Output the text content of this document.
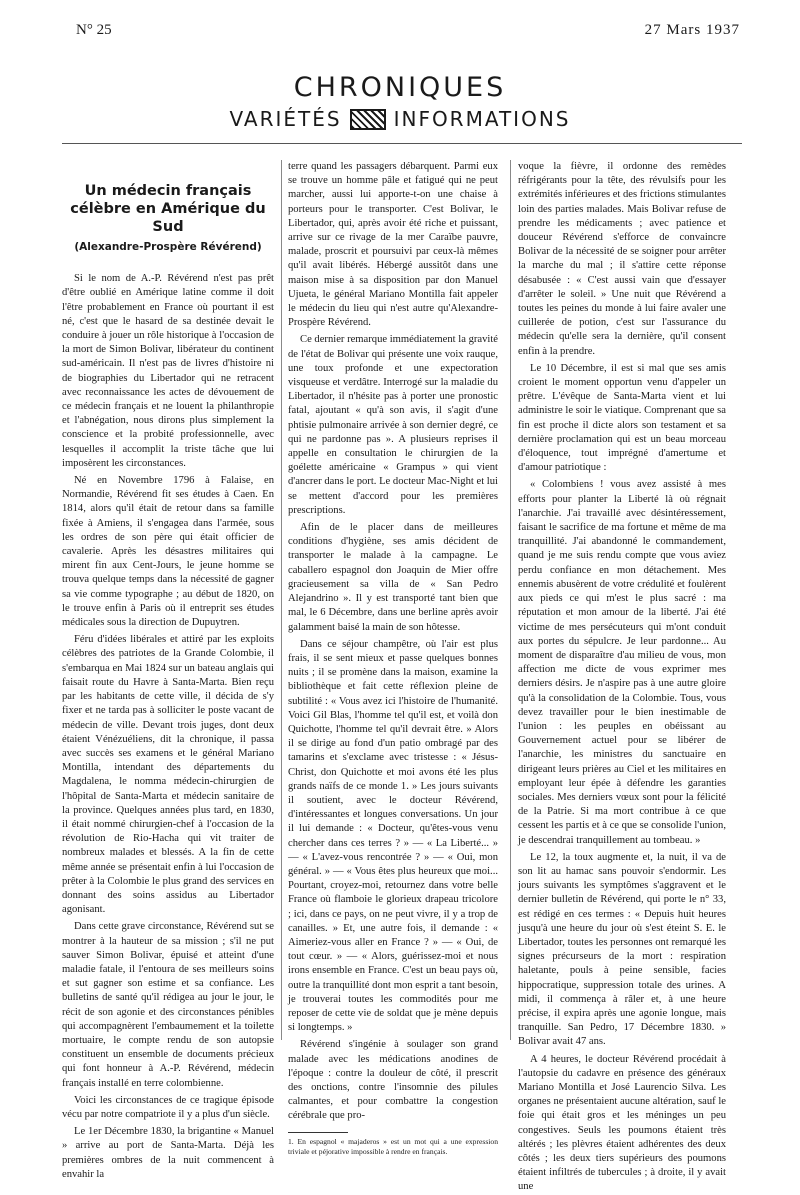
N° 25	27 Mars 1937
CHRONIQUES
VARIÉTÉS	INFORMATIONS
Un médecin français célèbre en Amérique du Sud
(Alexandre-Prospère Révérend)

Si le nom de A.-P. Révérend n'est pas prêt d'être oublié en Amérique latine comme il doit l'être probablement en France où pourtant il est né, c'est que le hasard de sa destinée devait le conduire à jouer un rôle historique à l'occasion de la mort de Simon Bolivar, libérateur du continent sud-américain. Il n'est pas de livres d'histoire ni de biographies du Libertador qui ne retracent avec reconnaissance les actes de dévouement de ce médecin français et ne louent la philanthropie et l'abnégation, nous dirons plus simplement la conscience et la probité professionnelle, avec lesquelles il accomplit la triste tâche que lui imposèrent les circonstances.

Né en Novembre 1796 à Falaise, en Normandie, Révérend fit ses études à Caen. En 1814, alors qu'il était de retour dans sa famille fixée à Amiens, il s'engagea dans l'armée, sous les ordres de son père qui était officier de cavalerie. Après les désastres militaires qui mirent fin aux Cent-Jours, le jeune homme se trouva quelque temps dans la nécessité de gagner sa vie comme typographe ; au début de 1820, on le trouve enfin à Paris où il entreprit ses études médicales sous la direction de Dupuytren.

Féru d'idées libérales et attiré par les exploits célèbres des patriotes de la Grande Colombie, il s'embarqua en Mai 1824 sur un bateau anglais qui faisait route du Havre à Santa-Marta. Bien reçu par les habitants de cette ville, il décida de s'y fixer et ne tarda pas à solliciter le poste vacant de médecin de ville. Devant trois juges, dont deux étaient Vénézuéliens, dit la chronique, il passa avec succès ses examens et le général Mariano Montilla, intendant des départements du Magdalena, le nomma médecin-chirurgien de l'hôpital de Santa-Marta et médecin sanitaire de la province. Quelques années plus tard, en 1830, il était nommé chirurgien-chef à l'occasion de la révolution de Rio-Hacha qui vit traiter de nombreux malades et blessés. A la fin de cette même année se présentait enfin à lui l'occasion de prêter à la Colombie le plus grand des services en donnant des soins assidus au Libertador agonisant.

Dans cette grave circonstance, Révérend sut se montrer à la hauteur de sa mission ; s'il ne put sauver Simon Bolivar, épuisé et atteint d'une maladie fatale, il l'entoura de ses meilleurs soins et sut gagner son estime et sa confiance. Les bulletins de santé qu'il rédigea au jour le jour, le récit de son agonie et des circonstances pénibles qui accompagnèrent l'embaumement et la toilette mortuaire, le compte rendu de son autopsie constituent un ensemble de documents précieux qui font honneur à A.-P. Révérend, médecin français installé en terre colombienne.

Voici les circonstances de ce tragique épisode vécu par notre compatriote il y a plus d'un siècle.

Le 1er Décembre 1830, la brigantine « Manuel » arrive au port de Santa-Marta. Déjà les premières ombres de la nuit commencent à envahir la

terre quand les passagers débarquent. Parmi eux se trouve un homme pâle et fatigué qui ne peut marcher, aussi lui apporte-t-on une chaise à porteurs pour le transporter. C'est Bolivar, le Libertador, qui, après avoir été riche et puissant, arrive sur ce rivage de la mer Caraïbe pauvre, malade, proscrit et poursuivi par ceux-là mêmes qu'il avait libérés. Hébergé aussitôt dans une maison mise à sa disposition par don Manuel Ujueta, le général Mariano Montilla fait appeler le médecin du lieu qui n'est autre qu'Alexandre-Prospère Révérend.

Ce dernier remarque immédiatement la gravité de l'état de Bolivar qui présente une voix rauque, une toux profonde et une expectoration visqueuse et verdâtre. Interrogé sur la maladie du Libertador, il n'hésite pas à porter une pronostic fatal, ajoutant « qu'à son avis, il s'agit d'une phtisie pulmonaire arrivée à son dernier degré, ce qui ne pardonne pas ». A plusieurs reprises il appelle en consultation le chirurgien de la goélette américaine « Grampus » qui vient d'ancrer dans le port. Le docteur Mac-Night et lui se mettent d'accord pour les premières prescriptions.

Afin de le placer dans de meilleures conditions d'hygiène, ses amis décident de transporter le malade à la campagne. Le caballero espagnol don Joaquin de Mier offre gracieusement sa villa de « San Pedro Alejandrino ». Il y est transporté tant bien que mal, le 6 Décembre, dans une berline après avoir galamment baisé la main de son hôtesse.

Dans ce séjour champêtre, où l'air est plus frais, il se sent mieux et passe quelques bonnes nuits ; il se promène dans la maison, examine la bibliothèque et fait cette réflexion pleine de subtilité : « Vous avez ici l'histoire de l'humanité. Voici Gil Blas, l'homme tel qu'il est, et voilà don Quichotte, l'homme tel qu'il devrait être. » Alors il se dirige au fond d'un patio ombragé par des tamarins et s'exclame avec tristesse : « Jésus-Christ, don Quichotte et moi avons été les plus grands naïfs de ce monde 1. » Les jours suivants il soutient, avec le docteur Révérend, d'intéressantes et longues conversations. Un jour il lui demande : « Docteur, qu'êtes-vous venu chercher dans ces terres ? » — « La Liberté... » — « L'avez-vous rencontrée ? » — « Oui, mon général. » — « Vous êtes plus heureux que moi... Pourtant, croyez-moi, retournez dans votre belle France où flamboie le glorieux drapeau tricolore ; ici, dans ce pays, on ne peut vivre, il y a trop de canailles. » Et, une autre fois, il demande : « Aimeriez-vous aller en France ? » — « Oui, de tout cœur. » — « Alors, guérissez-moi et nous irons ensemble en France. C'est un beau pays où, outre la tranquillité dont mon esprit a tant besoin, je trouverai toutes les commodités pour me reposer de cette vie de soldat que je mène depuis si longtemps. »

Révérend s'ingénie à soulager son grand malade avec les médications anodines de l'époque : contre la douleur de côté, il prescrit des onctions, contre l'insomnie des pilules calmantes, et pour combattre la congestion cérébrale que pro-

1. En espagnol « majaderos » est un mot qui a une expression triviale et péjorative impossible à rendre en français.

voque la fièvre, il ordonne des remèdes réfrigérants pour la tête, des révulsifs pour les extrémités inférieures et des frictions stimulantes loin des parties malades. Mais Bolivar refuse de prendre les médicaments ; avec patience et douceur Révérend s'efforce de convaincre Bolivar de la nécessité de se soigner pour arrêter la marche du mal ; il s'attire cette réponse désabusée : « C'est aussi vain que d'essayer d'arrêter le soleil. » Une nuit que Révérend a toutes les peines du monde à lui faire avaler une cuillerée de potion, c'est sur l'assurance du médecin qu'elle sera la dernière, qu'il consent enfin à la prendre.

Le 10 Décembre, il est si mal que ses amis croient le moment opportun venu d'appeler un prêtre. L'évêque de Santa-Marta vient et lui administre le soir le viatique. Comprenant que sa fin est proche il dicte alors son testament et sa dernière proclamation qui est un beau morceau d'éloquence, tout imprégné d'amertume et d'amour patriotique :

« Colombiens ! vous avez assisté à mes efforts pour planter la Liberté là où régnait l'anarchie. J'ai travaillé avec désintéressement, faisant le sacrifice de ma fortune et même de ma tranquillité. J'ai abandonné le commandement, quand je me suis rendu compte que vous aviez perdu confiance en mon détachement. Mes ennemis abusèrent de votre crédulité et foulèrent aux pieds ce qui m'est le plus sacré : ma réputation et mon amour de la liberté. J'ai été victime de mes persécuteurs qui m'ont conduit aux portes du sépulcre. Je leur pardonne... Au moment de disparaître d'au milieu de vous, mon affection me dicte de vous exprimer mes derniers désirs. Je n'aspire pas à une autre gloire qu'à la consolidation de la Colombie. Tous, vous devez travailler pour le bien inestimable de l'union : les peuples en obéissant au Gouvernement actuel pour se libérer de l'anarchie, les ministres du sanctuaire en dirigeant leurs prières au Ciel et les militaires en employant leur épée à défendre les garanties sociales. Mes derniers vœux sont pour la félicité de la Patrie. Si ma mort contribue à ce que cessent les partis et à ce que se consolide l'union, je descendrai tranquillement au tombeau. »

Le 12, la toux augmente et, la nuit, il va de son lit au hamac sans pouvoir s'endormir. Les jours suivants les symptômes s'aggravent et le dernier bulletin de Révérend, qui porte le n° 33, est rédigé en ces termes : « Depuis huit heures jusqu'à une heure du jour où s'est éteint S. E. le Libertador, toutes les personnes ont remarqué les signes précurseurs de la mort : respiration haletante, pouls à peine sensible, facies hippocratique, suppression totale des urines. A midi, il commença à râler et, à une heure précise, il expira après une agonie longue, mais tranquille. San Pedro, 17 Décembre 1830. » Bolivar avait 47 ans.

A 4 heures, le docteur Révérend procédait à l'autopsie du cadavre en présence des généraux Mariano Montilla et José Laurencio Silva. Les organes ne présentaient aucune altération, sauf le foie qui était gros et les méninges un peu congestives. Seuls les poumons étaient très altérés ; les plèvres étaient adhérentes des deux côtés ; les deux tiers supérieurs des poumons étaient infiltrés de tubercules ; à droite, il y avait une
